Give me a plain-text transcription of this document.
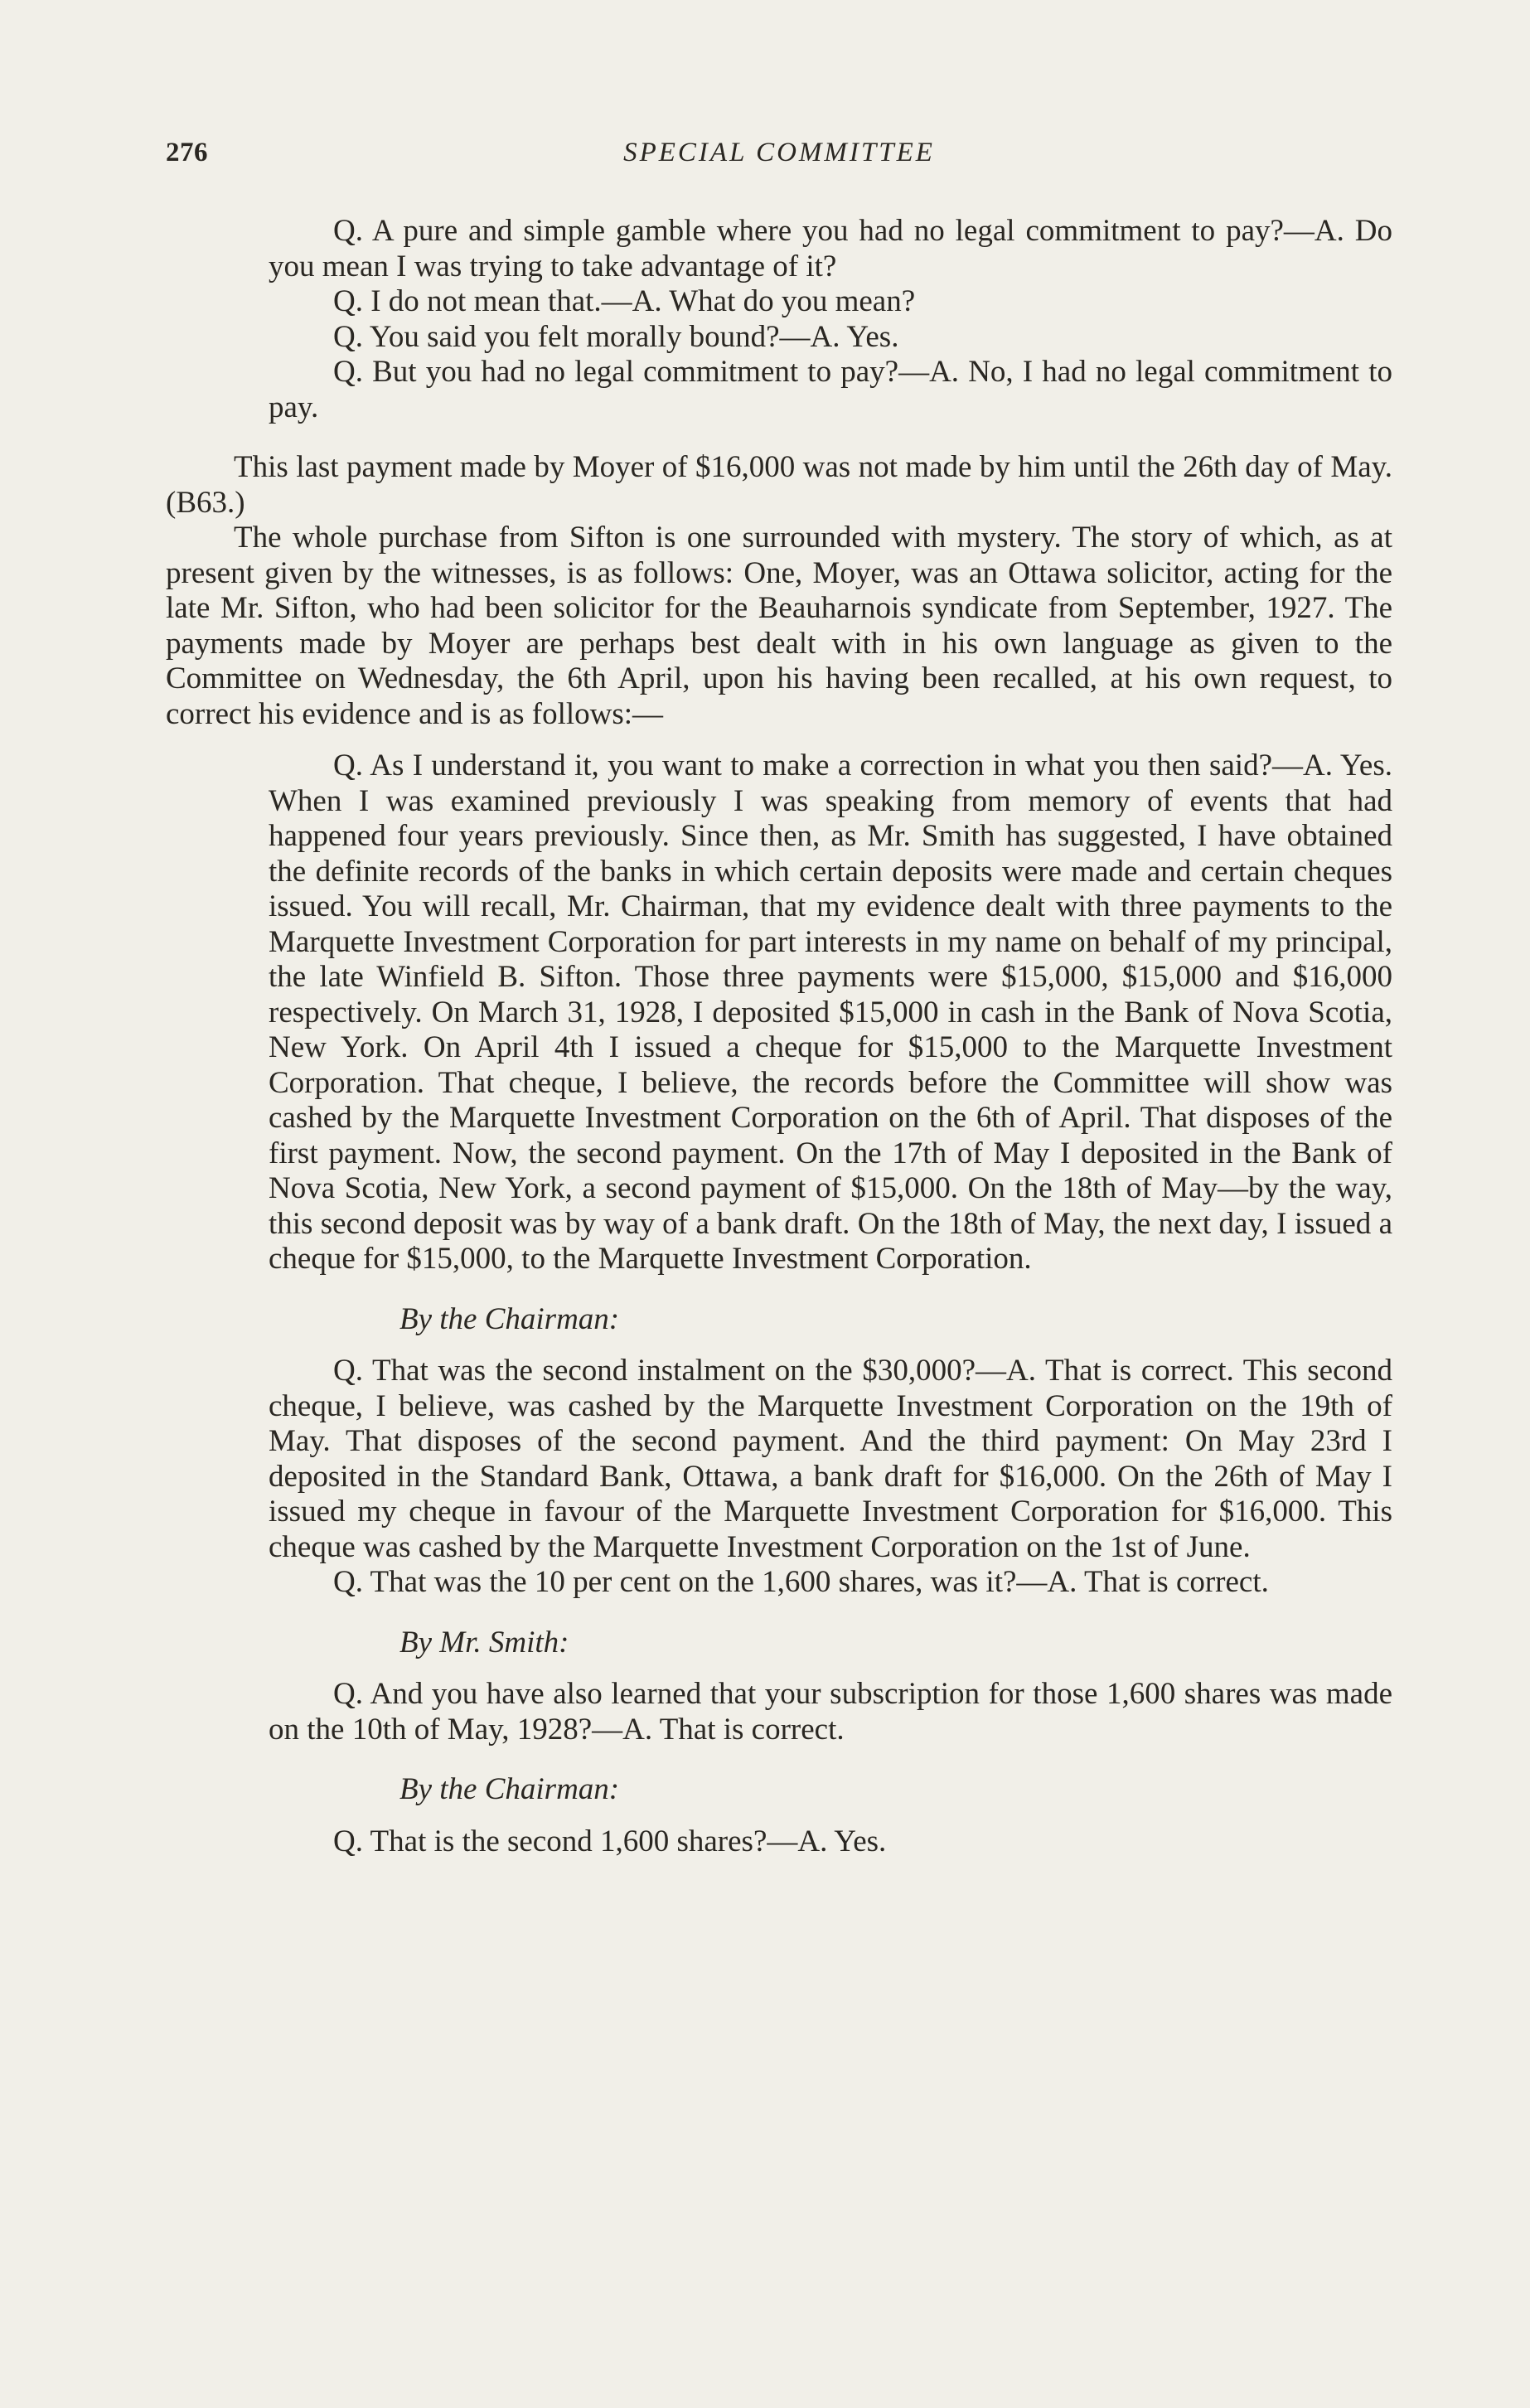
276	SPECIAL COMMITTEE

Q. A pure and simple gamble where you had no legal commitment to pay?—A. Do you mean I was trying to take advantage of it?

Q. I do not mean that.—A. What do you mean?

Q. You said you felt morally bound?—A. Yes.

Q. But you had no legal commitment to pay?—A. No, I had no legal commitment to pay.

This last payment made by Moyer of $16,000 was not made by him until the 26th day of May. (B63.)

The whole purchase from Sifton is one surrounded with mystery. The story of which, as at present given by the witnesses, is as follows: One, Moyer, was an Ottawa solicitor, acting for the late Mr. Sifton, who had been solicitor for the Beauharnois syndicate from September, 1927. The payments made by Moyer are perhaps best dealt with in his own language as given to the Committee on Wednesday, the 6th April, upon his having been recalled, at his own request, to correct his evidence and is as follows:—

Q. As I understand it, you want to make a correction in what you then said?—A. Yes. When I was examined previously I was speaking from memory of events that had happened four years previously. Since then, as Mr. Smith has suggested, I have obtained the definite records of the banks in which certain deposits were made and certain cheques issued. You will recall, Mr. Chairman, that my evidence dealt with three payments to the Marquette Investment Corporation for part interests in my name on behalf of my principal, the late Winfield B. Sifton. Those three payments were $15,000, $15,000 and $16,000 respectively. On March 31, 1928, I deposited $15,000 in cash in the Bank of Nova Scotia, New York. On April 4th I issued a cheque for $15,000 to the Marquette Investment Corporation. That cheque, I believe, the records before the Committee will show was cashed by the Marquette Investment Corporation on the 6th of April. That disposes of the first payment. Now, the second payment. On the 17th of May I deposited in the Bank of Nova Scotia, New York, a second payment of $15,000. On the 18th of May—by the way, this second deposit was by way of a bank draft. On the 18th of May, the next day, I issued a cheque for $15,000, to the Marquette Investment Corporation.

By the Chairman:

Q. That was the second instalment on the $30,000?—A. That is correct. This second cheque, I believe, was cashed by the Marquette Investment Corporation on the 19th of May. That disposes of the second payment. And the third payment: On May 23rd I deposited in the Standard Bank, Ottawa, a bank draft for $16,000. On the 26th of May I issued my cheque in favour of the Marquette Investment Corporation for $16,000. This cheque was cashed by the Marquette Investment Corporation on the 1st of June.

Q. That was the 10 per cent on the 1,600 shares, was it?—A. That is correct.

By Mr. Smith:

Q. And you have also learned that your subscription for those 1,600 shares was made on the 10th of May, 1928?—A. That is correct.

By the Chairman:

Q. That is the second 1,600 shares?—A. Yes.
